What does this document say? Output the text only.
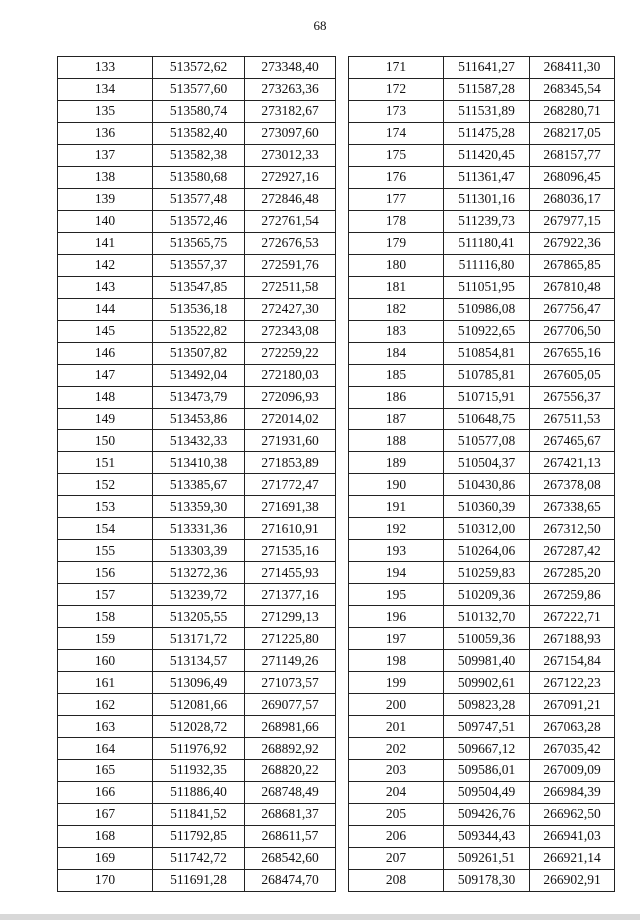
68
133	513572,62	273348,40
134	513577,60	273263,36
135	513580,74	273182,67
136	513582,40	273097,60
137	513582,38	273012,33
138	513580,68	272927,16
139	513577,48	272846,48
140	513572,46	272761,54
141	513565,75	272676,53
142	513557,37	272591,76
143	513547,85	272511,58
144	513536,18	272427,30
145	513522,82	272343,08
146	513507,82	272259,22
147	513492,04	272180,03
148	513473,79	272096,93
149	513453,86	272014,02
150	513432,33	271931,60
151	513410,38	271853,89
152	513385,67	271772,47
153	513359,30	271691,38
154	513331,36	271610,91
155	513303,39	271535,16
156	513272,36	271455,93
157	513239,72	271377,16
158	513205,55	271299,13
159	513171,72	271225,80
160	513134,57	271149,26
161	513096,49	271073,57
162	512081,66	269077,57
163	512028,72	268981,66
164	511976,92	268892,92
165	511932,35	268820,22
166	511886,40	268748,49
167	511841,52	268681,37
168	511792,85	268611,57
169	511742,72	268542,60
170	511691,28	268474,70
171	511641,27	268411,30
172	511587,28	268345,54
173	511531,89	268280,71
174	511475,28	268217,05
175	511420,45	268157,77
176	511361,47	268096,45
177	511301,16	268036,17
178	511239,73	267977,15
179	511180,41	267922,36
180	511116,80	267865,85
181	511051,95	267810,48
182	510986,08	267756,47
183	510922,65	267706,50
184	510854,81	267655,16
185	510785,81	267605,05
186	510715,91	267556,37
187	510648,75	267511,53
188	510577,08	267465,67
189	510504,37	267421,13
190	510430,86	267378,08
191	510360,39	267338,65
192	510312,00	267312,50
193	510264,06	267287,42
194	510259,83	267285,20
195	510209,36	267259,86
196	510132,70	267222,71
197	510059,36	267188,93
198	509981,40	267154,84
199	509902,61	267122,23
200	509823,28	267091,21
201	509747,51	267063,28
202	509667,12	267035,42
203	509586,01	267009,09
204	509504,49	266984,39
205	509426,76	266962,50
206	509344,43	266941,03
207	509261,51	266921,14
208	509178,30	266902,91
